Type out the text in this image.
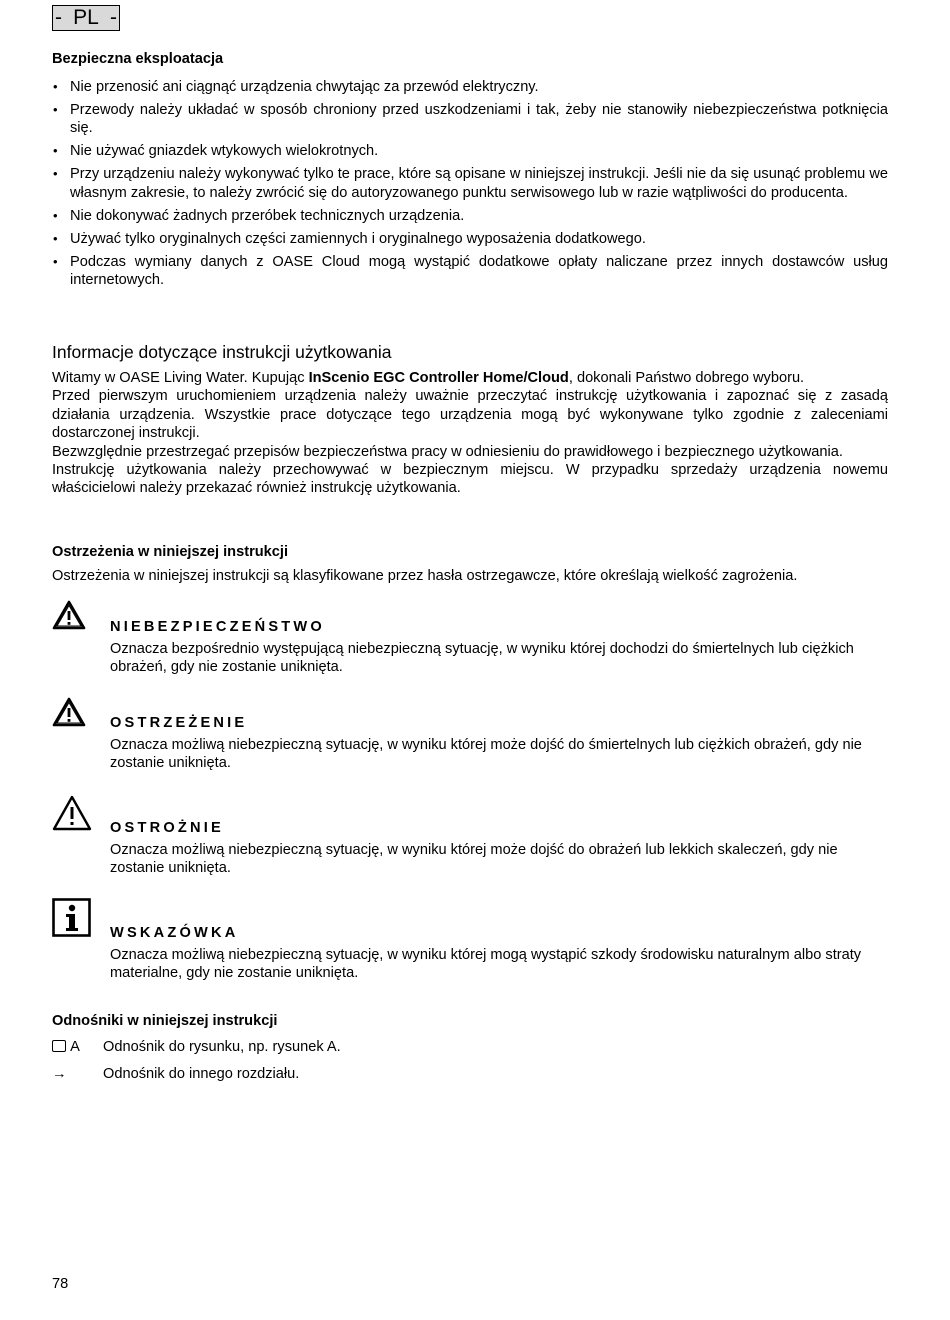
- PL -
Bezpieczna eksploatacja
• Nie przenosić ani ciągnąć urządzenia chwytając za przewód elektryczny.
• Przewody należy układać w sposób chroniony przed uszkodzeniami i tak, żeby nie stanowiły niebezpieczeństwa potknięcia się.
• Nie używać gniazdek wtykowych wielokrotnych.
• Przy urządzeniu należy wykonywać tylko te prace, które są opisane w niniejszej instrukcji. Jeśli nie da się usunąć problemu we własnym zakresie, to należy zwrócić się do autoryzowanego punktu serwisowego lub w razie wątpliwości do producenta.
• Nie dokonywać żadnych przeróbek technicznych urządzenia.
• Używać tylko oryginalnych części zamiennych i oryginalnego wyposażenia dodatkowego.
• Podczas wymiany danych z OASE Cloud mogą wystąpić dodatkowe opłaty naliczane przez innych dostawców usług internetowych.
Informacje dotyczące instrukcji użytkowania

Witamy w OASE Living Water. Kupując InScenio EGC Controller Home/Cloud, dokonali Państwo dobrego wyboru.

Przed pierwszym uruchomieniem urządzenia należy uważnie przeczytać instrukcję użytkowania i zapoznać się z zasadą działania urządzenia. Wszystkie prace dotyczące tego urządzenia mogą być wykonywane tylko zgodnie z zaleceniami dostarczonej instrukcji.

Bezwzględnie przestrzegać przepisów bezpieczeństwa pracy w odniesieniu do prawidłowego i bezpiecznego użytkowania.

Instrukcję użytkowania należy przechowywać w bezpiecznym miejscu. W przypadku sprzedaży urządzenia nowemu właścicielowi należy przekazać również instrukcję użytkowania.

Ostrzeżenia w niniejszej instrukcji
Ostrzeżenia w niniejszej instrukcji są klasyfikowane przez hasła ostrzegawcze, które określają wielkość zagrożenia.
NIEBEZPIECZEŃSTWO
Oznacza bezpośrednio występującą niebezpieczną sytuację, w wyniku której dochodzi do śmiertelnych lub ciężkich obrażeń, gdy nie zostanie uniknięta.
OSTRZEŻENIE
Oznacza możliwą niebezpieczną sytuację, w wyniku której może dojść do śmiertelnych lub ciężkich obrażeń, gdy nie zostanie uniknięta.
OSTROŻNIE
Oznacza możliwą niebezpieczną sytuację, w wyniku której może dojść do obrażeń lub lekkich skaleczeń, gdy nie zostanie uniknięta.
WSKAZÓWKA
Oznacza możliwą niebezpieczną sytuację, w wyniku której mogą wystąpić szkody środowisku naturalnym albo straty materialne, gdy nie zostanie uniknięta.
Odnośniki w niniejszej instrukcji
A Odnośnik do rysunku, np. rysunek A.
→ Odnośnik do innego rozdziału.
78
